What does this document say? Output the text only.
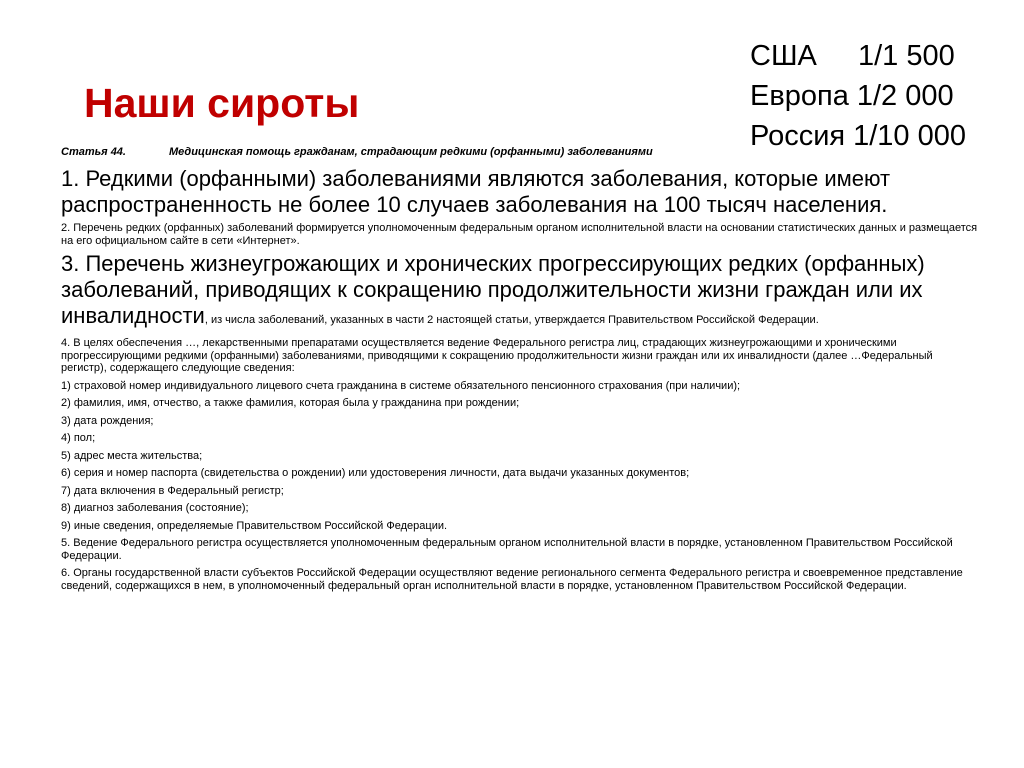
Наши сироты
США	1/1 500
Европа 1/2 000
Россия 1/10 000
Статья 44.	Медицинская помощь гражданам, страдающим редкими (орфанными) заболеваниями

1. Редкими (орфанными) заболеваниями являются заболевания, которые имеют распространенность не более 10 случаев заболевания на 100 тысяч населения.

2. Перечень редких (орфанных) заболеваний формируется уполномоченным федеральным органом исполнительной власти на основании статистических данных и размещается на его официальном сайте в сети «Интернет».

3. Перечень жизнеугрожающих и хронических прогрессирующих редких (орфанных) заболеваний, приводящих к сокращению продолжительности жизни граждан или их инвалидности, из числа заболеваний, указанных в части 2 настоящей статьи, утверждается Правительством Российской Федерации.

4. В целях обеспечения …, лекарственными препаратами осуществляется ведение Федерального регистра лиц, страдающих жизнеугрожающими и хроническими прогрессирующими редкими (орфанными) заболеваниями, приводящими к сокращению продолжительности жизни граждан или их инвалидности (далее …Федеральный регистр), содержащего следующие сведения:

1) страховой номер индивидуального лицевого счета гражданина в системе обязательного пенсионного страхования (при наличии);

2) фамилия, имя, отчество, а также фамилия, которая была у гражданина при рождении;

3) дата рождения;

4) пол;

5) адрес места жительства;

6) серия и номер паспорта (свидетельства о рождении) или удостоверения личности, дата выдачи указанных документов;

7) дата включения в Федеральный регистр;

8) диагноз заболевания (состояние);

9) иные сведения, определяемые Правительством Российской Федерации.

5. Ведение Федерального регистра осуществляется уполномоченным федеральным органом исполнительной власти в порядке, установленном Правительством Российской Федерации.

6. Органы государственной власти субъектов Российской Федерации осуществляют ведение регионального сегмента Федерального регистра и своевременное представление сведений, содержащихся в нем, в уполномоченный федеральный орган исполнительной власти в порядке, установленном Правительством Российской Федерации.
